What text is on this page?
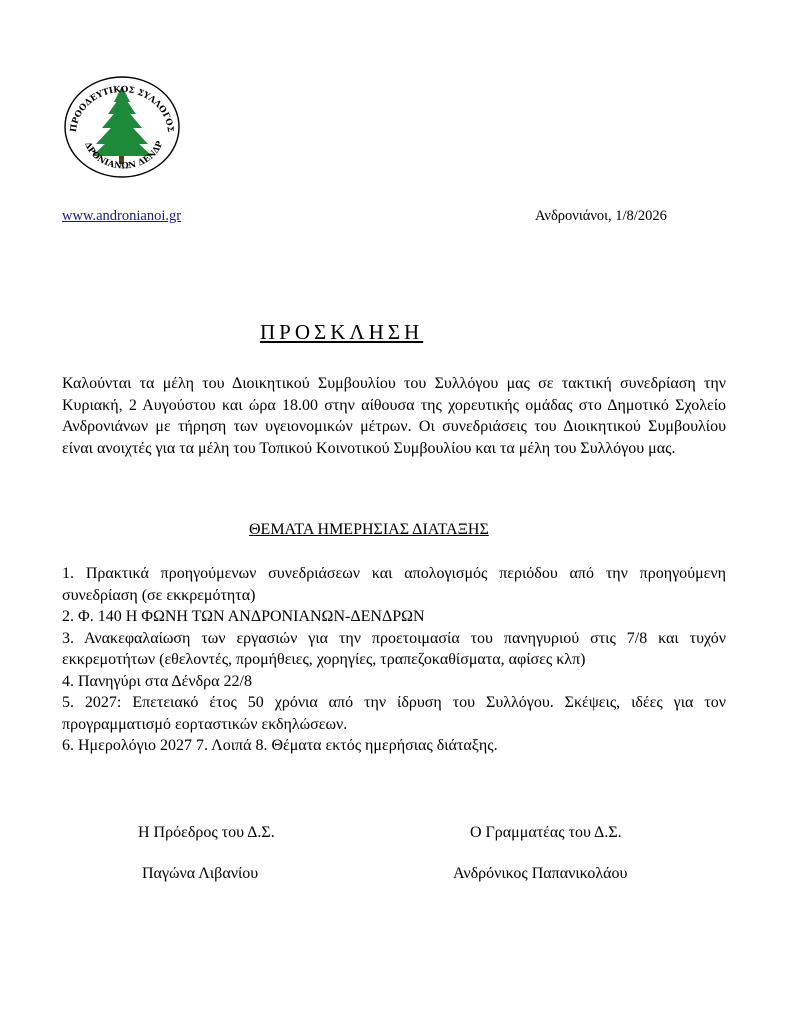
ΠΡΟΟΔΕΥΤΙΚΟΣ ΣΥΛΛΟΓΟΣ
ΔΡΟΝΙΑΝΩΝ ΔΕΝΔΡ
www.andronianoi.gr	Ανδρονιάνοι, 1/8/2026
ΠΡΟΣΚΛΗΣΗ

Καλούνται τα μέλη του Διοικητικού Συμβουλίου του Συλλόγου μας σε τακτική συνεδρίαση την Κυριακή, 2 Αυγούστου και ώρα 18.00 στην αίθουσα της χορευτικής ομάδας στο Δημοτικό Σχολείο Ανδρονιάνων με τήρηση των υγειονομικών μέτρων. Οι συνεδριάσεις του Διοικητικού Συμβουλίου είναι ανοιχτές για τα μέλη του Τοπικού Κοινοτικού Συμβουλίου και τα μέλη του Συλλόγου μας.

ΘΕΜΑΤΑ ΗΜΕΡΗΣΙΑΣ ΔΙΑΤΑΞΗΣ
1. Πρακτικά προηγούμενων συνεδριάσεων και απολογισμός περιόδου από την προηγούμενη συνεδρίαση (σε εκκρεμότητα)
2. Φ. 140 Η ΦΩΝΗ ΤΩΝ ΑΝΔΡΟΝΙΑΝΩΝ-ΔΕΝΔΡΩΝ
3. Ανακεφαλαίωση των εργασιών για την προετοιμασία του πανηγυριού στις 7/8 και τυχόν εκκρεμοτήτων (εθελοντές, προμήθειες, χορηγίες, τραπεζοκαθίσματα, αφίσες κλπ)
4. Πανηγύρι στα Δένδρα 22/8
5. 2027: Επετειακό έτος 50 χρόνια από την ίδρυση του Συλλόγου. Σκέψεις, ιδέες για τον προγραμματισμό εορταστικών εκδηλώσεων.
6. Ημερολόγιο 2027 7. Λοιπά 8. Θέματα εκτός ημερήσιας διάταξης.
Η Πρόεδρος του Δ.Σ.
Παγώνα Λιβανίου
Ο Γραμματέας του Δ.Σ.
Ανδρόνικος Παπανικολάου
